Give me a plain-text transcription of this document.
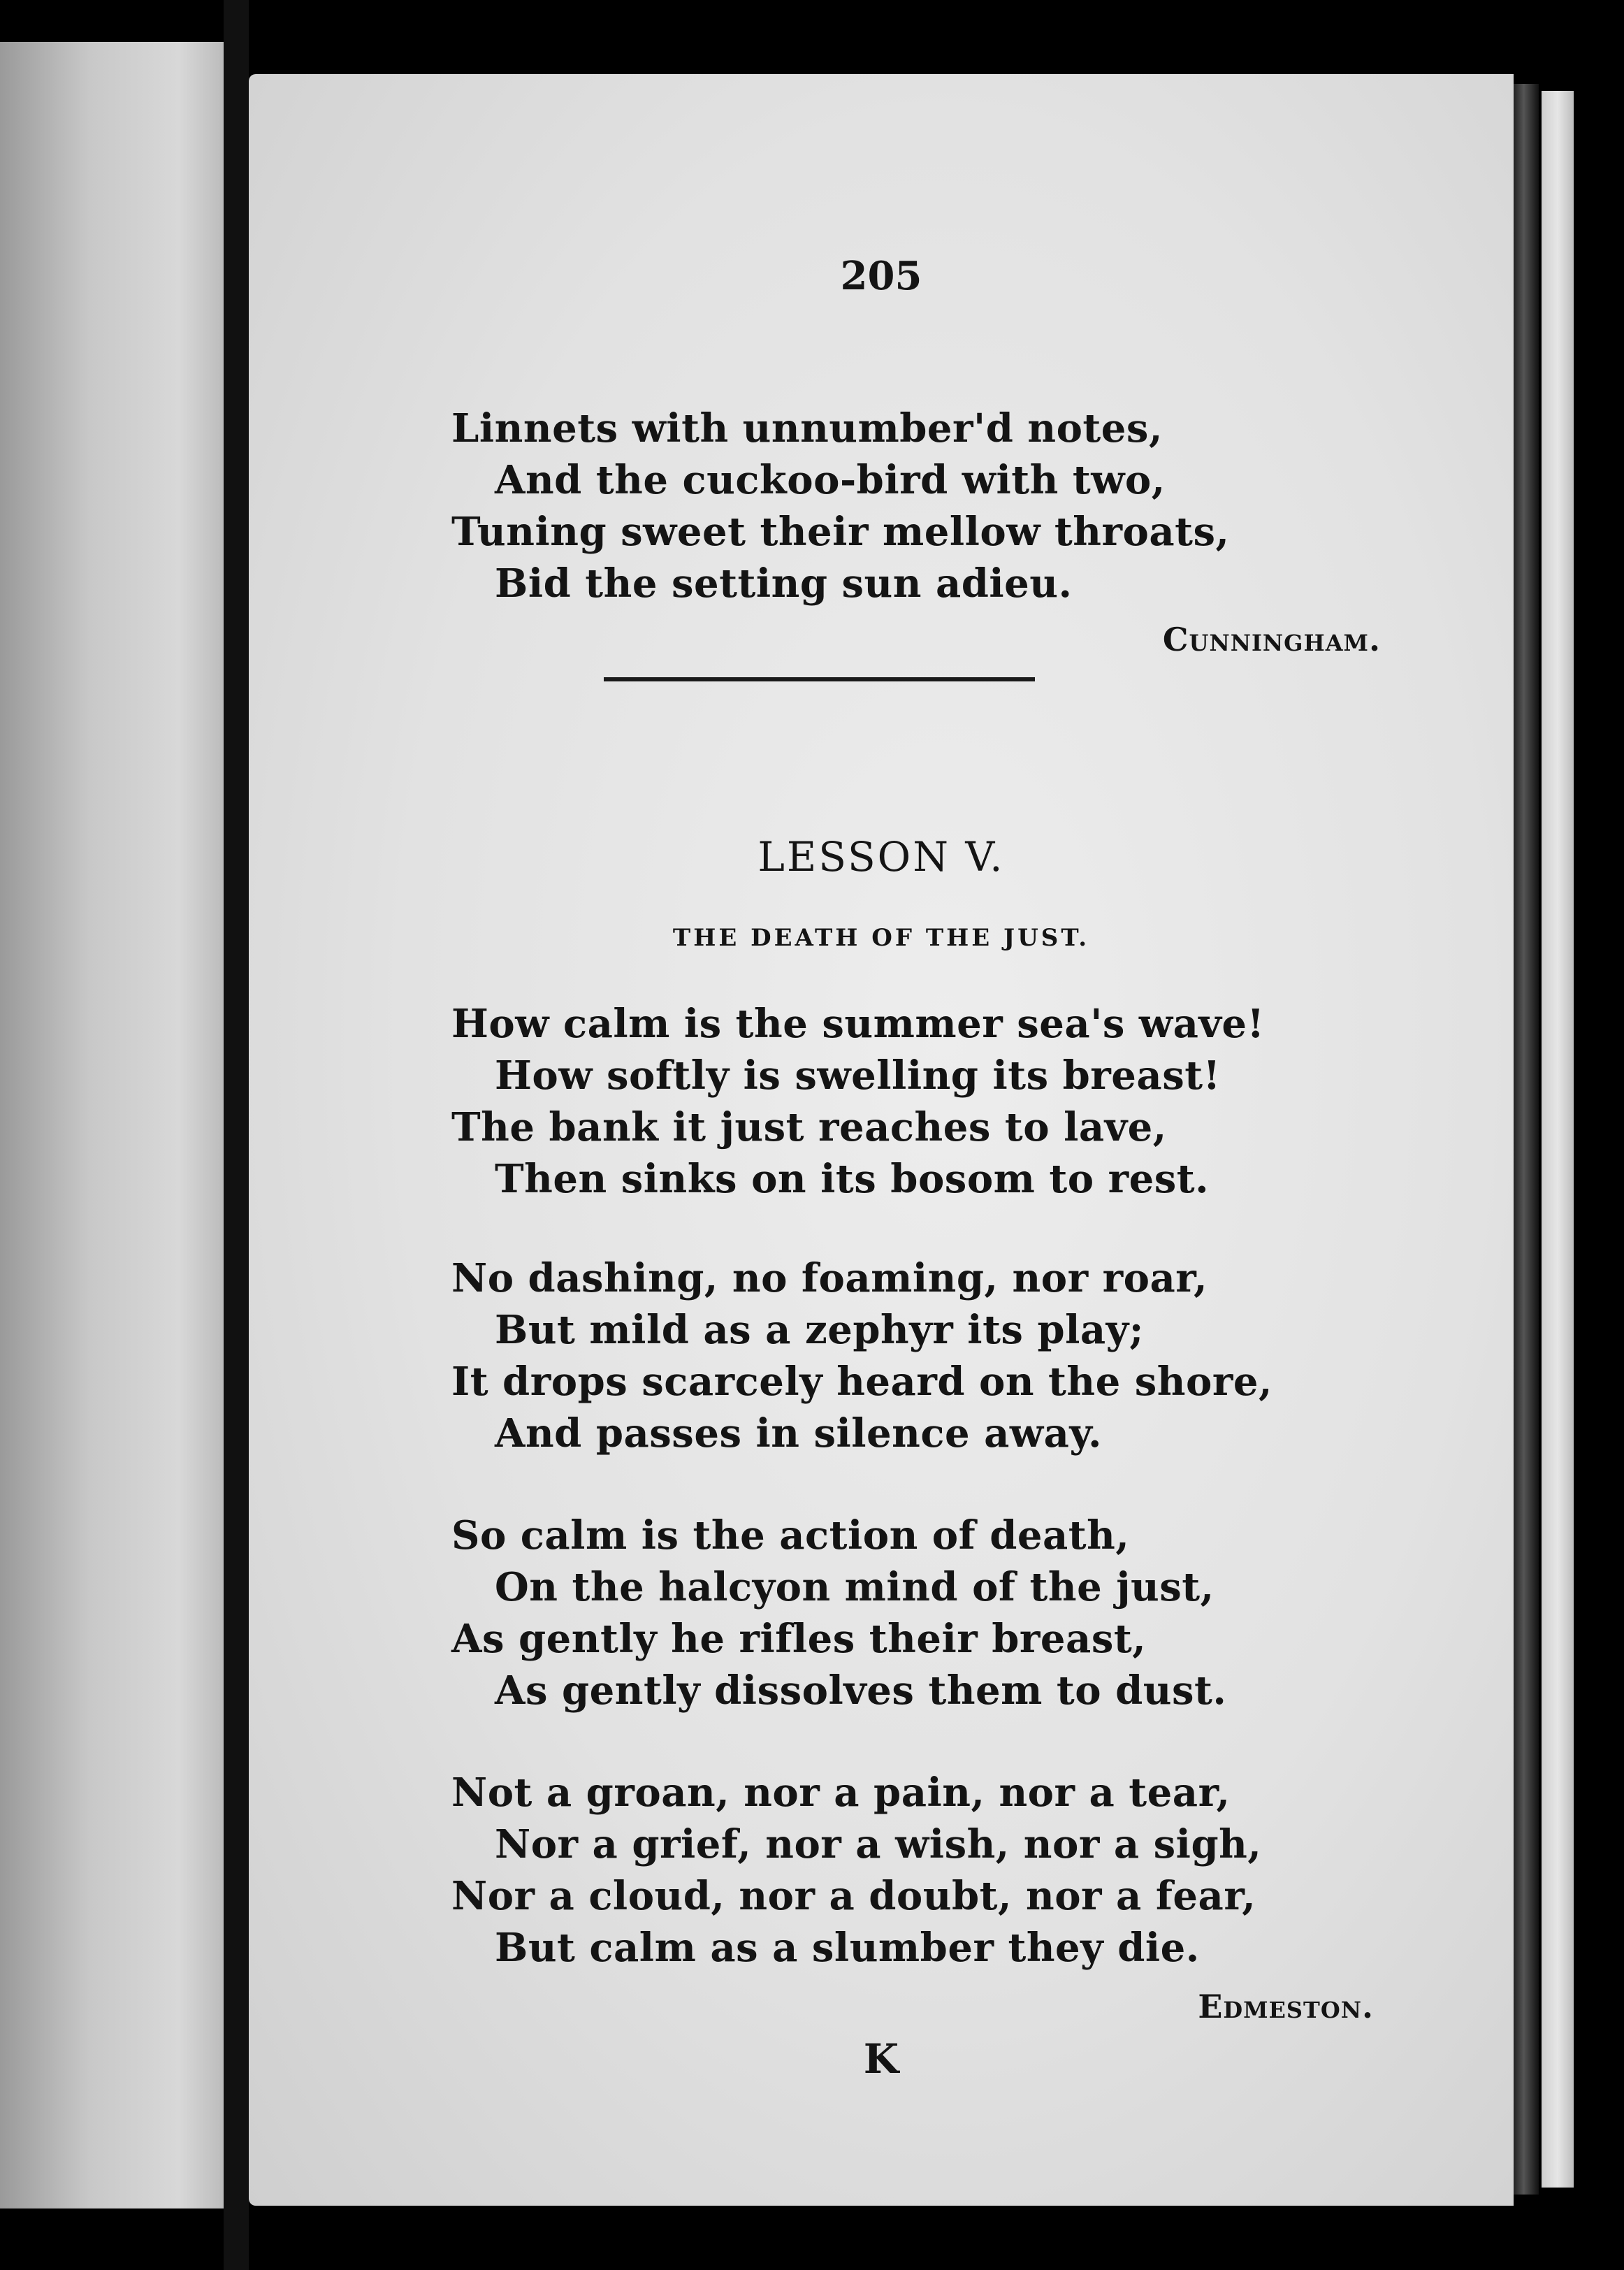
205
Linnets with unnumber'd notes,
And the cuckoo-bird with two,
Tuning sweet their mellow throats,
Bid the setting sun adieu.
Cunningham.
LESSON V.
THE DEATH OF THE JUST.
How calm is the summer sea's wave!
How softly is swelling its breast!
The bank it just reaches to lave,
Then sinks on its bosom to rest.
No dashing, no foaming, nor roar,
But mild as a zephyr its play;
It drops scarcely heard on the shore,
And passes in silence away.
So calm is the action of death,
On the halcyon mind of the just,
As gently he rifles their breast,
As gently dissolves them to dust.
Not a groan, nor a pain, nor a tear,
Nor a grief, nor a wish, nor a sigh,
Nor a cloud, nor a doubt, nor a fear,
But calm as a slumber they die.
Edmeston.
K
